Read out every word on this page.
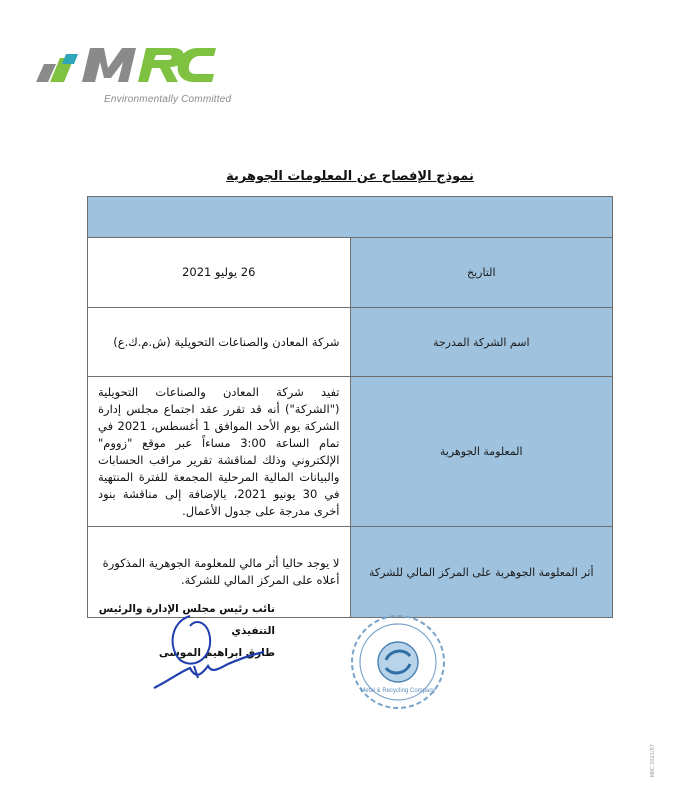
Environmentally Committed
نموذج الإفصاح عن المعلومات الجوهرية

التاريخ	26 يوليو 2021
اسم الشركة المدرجة	شركة المعادن والصناعات التحويلية (ش.م.ك.ع)
المعلومة الجوهرية	تفيد شركة المعادن والصناعات التحويلية ("الشركة") أنه قد تقرر عقد اجتماع مجلس إدارة الشركة يوم الأحد الموافق 1 أغسطس، 2021 في تمام الساعة 3:00 مساءاً عبر موقع "زووم" الإلكتروني وذلك لمناقشة تقرير مراقب الحسابات والبيانات المالية المرحلية المجمعة للفترة المنتهية في 30 يونيو 2021، بالإضافة إلى مناقشة بنود أخرى مدرجة على جدول الأعمال.
أثر المعلومة الجوهرية على المركز المالي للشركة	لا يوجد حاليا أثر مالي للمعلومة الجوهرية المذكورة أعلاه على المركز المالي للشركة.
نائب رئيس مجلس الإدارة والرئيس التنفيذي
طارق ابراهيم الموسى
Metal & Recycling Company
MRC 2021/07
